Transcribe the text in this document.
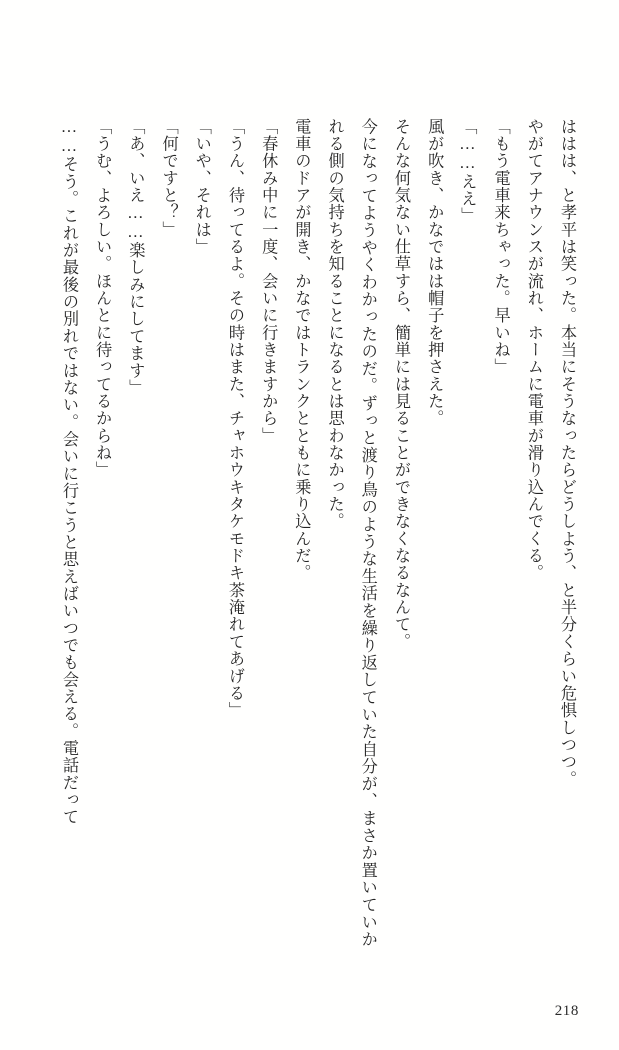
ははは、と孝平は笑った。本当にそうなったらどうしよう、と半分くらい危惧しつつ。

やがてアナウンスが流れ、ホームに電車が滑り込んでくる。

「もう電車来ちゃった。早いね」

「……ええ」

風が吹き、かなではは帽子を押さえた。

そんな何気ない仕草すら、簡単には見ることができなくなるなんて。

今になってようやくわかったのだ。ずっと渡り鳥のような生活を繰り返していた自分が、まさか置いていかれる側の気持ちを知ることになるとは思わなかった。

電車のドアが開き、かなではトランクとともに乗り込んだ。

「春休み中に一度、会いに行きますから」

「うん、待ってるよ。その時はまた、チャホウキタケモドキ茶淹れてあげる」

「いや、それは」

「何ですと？」

「あ、いえ……楽しみにしてます」

「うむ、よろしい。ほんとに待ってるからね」

……そう。これが最後の別れではない。会いに行こうと思えばいつでも会える。電話だって

218
